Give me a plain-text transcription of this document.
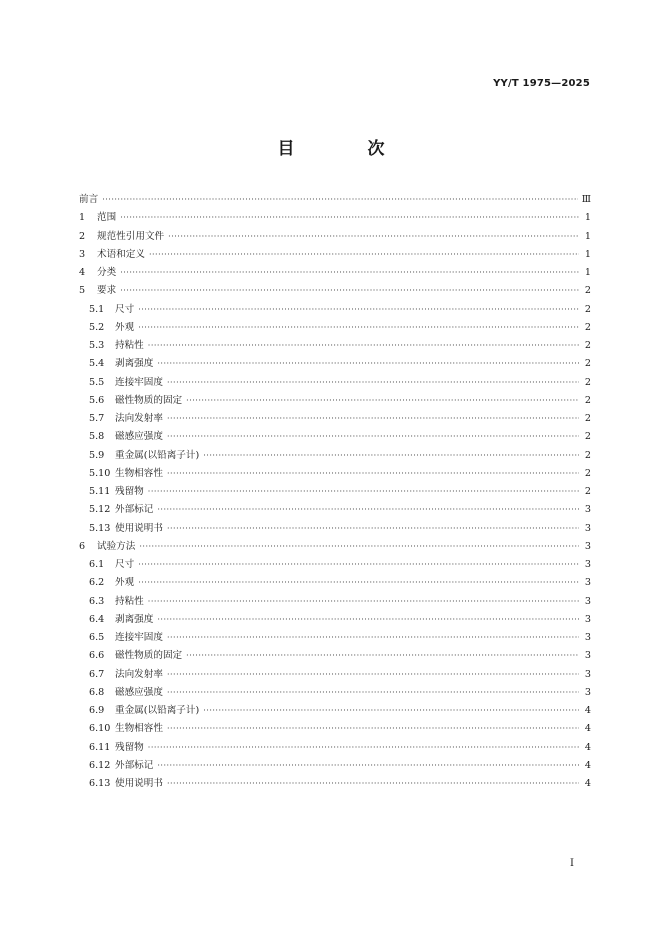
YY/T 1975—2025
目　次
前言 ·····	Ⅲ
1	范围 ·····	1
2	规范性引用文件 ·····	1
3	术语和定义 ·····	1
4	分类 ·····	1
5	要求 ·····	2
5.1	尺寸 ·····	2
5.2	外观 ·····	2
5.3	持粘性 ·····	2
5.4	剥离强度 ·····	2
5.5	连接牢固度 ·····	2
5.6	磁性物质的固定 ·····	2
5.7	法向发射率 ·····	2
5.8	磁感应强度 ·····	2
5.9	重金属(以铅离子计) ·····	2
5.10 生物相容性 ·····	2
5.11 残留物 ·····	2
5.12 外部标记 ·····	3
5.13 使用说明书 ·····	3
6	试验方法 ·····	3
6.1	尺寸 ·····	3
6.2	外观 ·····	3
6.3	持粘性 ·····	3
6.4	剥离强度 ·····	3
6.5	连接牢固度 ·····	3
6.6	磁性物质的固定 ·····	3
6.7	法向发射率 ·····	3
6.8	磁感应强度 ·····	3
6.9	重金属(以铅离子计) ·····	4
6.10 生物相容性 ·····	4
6.11 残留物 ·····	4
6.12 外部标记 ·····	4
6.13 使用说明书 ·····	4
I
